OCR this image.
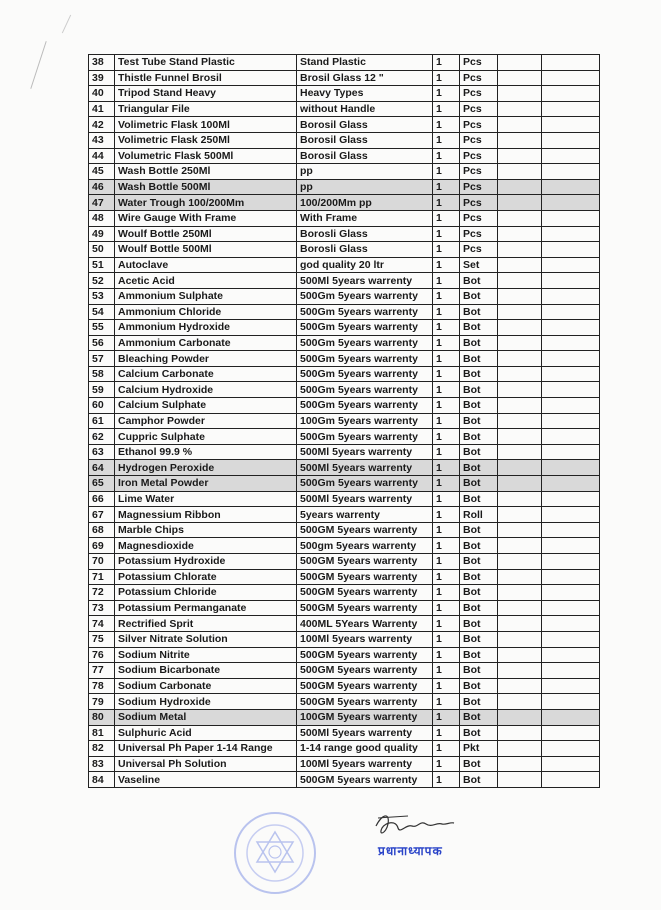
38	Test Tube Stand Plastic	Stand Plastic	1	Pcs		
39	Thistle Funnel Brosil	Brosil Glass 12 "	1	Pcs		
40	Tripod Stand Heavy	Heavy Types	1	Pcs		
41	Triangular File	without Handle	1	Pcs		
42	Volimetric Flask 100Ml	Borosil Glass	1	Pcs		
43	Volimetric Flask 250Ml	Borosil Glass	1	Pcs		
44	Volumetric Flask 500Ml	Borosil Glass	1	Pcs		
45	Wash Bottle 250Ml	pp	1	Pcs		
46	Wash Bottle 500Ml	pp	1	Pcs		
47	Water Trough 100/200Mm	100/200Mm pp	1	Pcs		
48	Wire Gauge With Frame	With Frame	1	Pcs		
49	Woulf Bottle 250Ml	Borosli Glass	1	Pcs		
50	Woulf Bottle 500Ml	Borosli Glass	1	Pcs		
51	Autoclave	god quality 20 ltr	1	Set		
52	Acetic Acid	500Ml 5years warrenty	1	Bot		
53	Ammonium Sulphate	500Gm 5years warrenty	1	Bot		
54	Ammonium Chloride	500Gm 5years warrenty	1	Bot		
55	Ammonium Hydroxide	500Gm 5years warrenty	1	Bot		
56	Ammonium Carbonate	500Gm 5years warrenty	1	Bot		
57	Bleaching Powder	500Gm 5years warrenty	1	Bot		
58	Calcium Carbonate	500Gm 5years warrenty	1	Bot		
59	Calcium Hydroxide	500Gm 5years warrenty	1	Bot		
60	Calcium Sulphate	500Gm 5years warrenty	1	Bot		
61	Camphor Powder	100Gm 5years warrenty	1	Bot		
62	Cuppric Sulphate	500Gm 5years warrenty	1	Bot		
63	Ethanol 99.9 %	500Ml 5years warrenty	1	Bot		
64	Hydrogen Peroxide	500Ml 5years warrenty	1	Bot		
65	Iron Metal Powder	500Gm 5years warrenty	1	Bot		
66	Lime Water	500Ml 5years warrenty	1	Bot		
67	Magnessium Ribbon	5years warrenty	1	Roll		
68	Marble Chips	500GM 5years warrenty	1	Bot		
69	Magnesdioxide	500gm 5years warrenty	1	Bot		
70	Potassium Hydroxide	500GM 5years warrenty	1	Bot		
71	Potassium Chlorate	500GM 5years warrenty	1	Bot		
72	Potassium Chloride	500GM 5years warrenty	1	Bot		
73	Potassium Permanganate	500GM 5years warrenty	1	Bot		
74	Rectrified Sprit	400ML 5Years Warrenty	1	Bot		
75	Silver Nitrate Solution	100Ml 5years warrenty	1	Bot		
76	Sodium Nitrite	500GM 5years warrenty	1	Bot		
77	Sodium Bicarbonate	500GM 5years warrenty	1	Bot		
78	Sodium Carbonate	500GM 5years warrenty	1	Bot		
79	Sodium Hydroxide	500GM 5years warrenty	1	Bot		
80	Sodium Metal	100GM 5years warrenty	1	Bot		
81	Sulphuric Acid	500Ml 5years warrenty	1	Bot		
82	Universal Ph Paper 1-14 Range	1-14 range good quality	1	Pkt		
83	Universal Ph Solution	100Ml 5years warrenty	1	Bot		
84	Vaseline	500GM 5years warrenty	1	Bot		
प्रधानाध्यापक
